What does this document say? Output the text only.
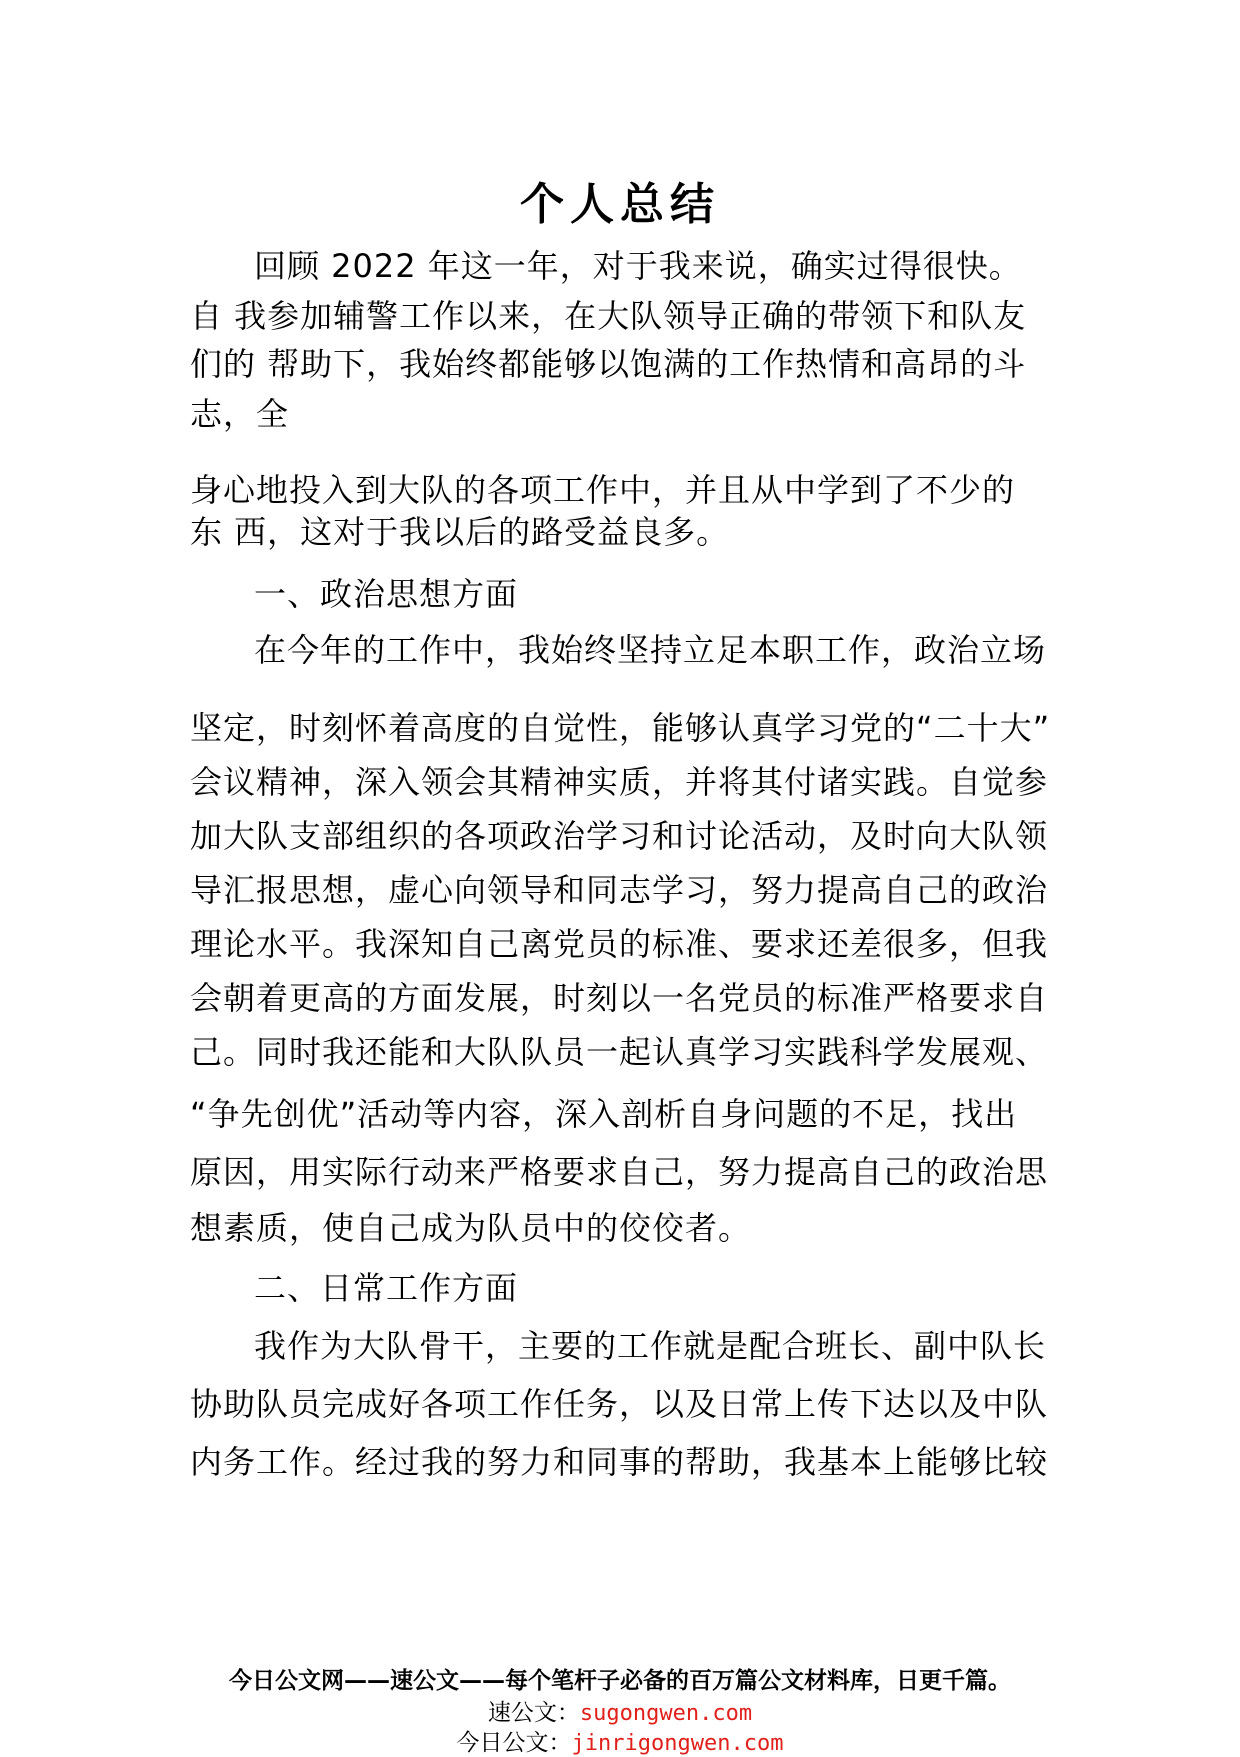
个人总结
回顾 2022 年这一年，对于我来说，确实过得很快。
自 我参加辅警工作以来，在大队领导正确的带领下和队友
们的 帮助下，我始终都能够以饱满的工作热情和高昂的斗
志，全
身心地投入到大队的各项工作中，并且从中学到了不少的
东 西，这对于我以后的路受益良多。
一、政治思想方面
在今年的工作中，我始终坚持立足本职工作，政治立场
坚定，时刻怀着高度的自觉性，能够认真学习党的“二十大”
会议精神，深入领会其精神实质，并将其付诸实践。自觉参
加大队支部组织的各项政治学习和讨论活动，及时向大队领
导汇报思想，虚心向领导和同志学习，努力提高自己的政治
理论水平。我深知自己离党员的标准、要求还差很多，但我
会朝着更高的方面发展，时刻以一名党员的标准严格要求自
己。同时我还能和大队队员一起认真学习实践科学发展观、
“争先创优”活动等内容，深入剖析自身问题的不足，找出
原因，用实际行动来严格要求自己，努力提高自己的政治思
想素质，使自己成为队员中的佼佼者。
二、日常工作方面
我作为大队骨干，主要的工作就是配合班长、副中队长
协助队员完成好各项工作任务，以及日常上传下达以及中队
内务工作。经过我的努力和同事的帮助，我基本上能够比较
今日公文网——速公文——每个笔杆子必备的百万篇公文材料库，日更千篇。
速公文：sugongwen.com
今日公文：jinrigongwen.com
